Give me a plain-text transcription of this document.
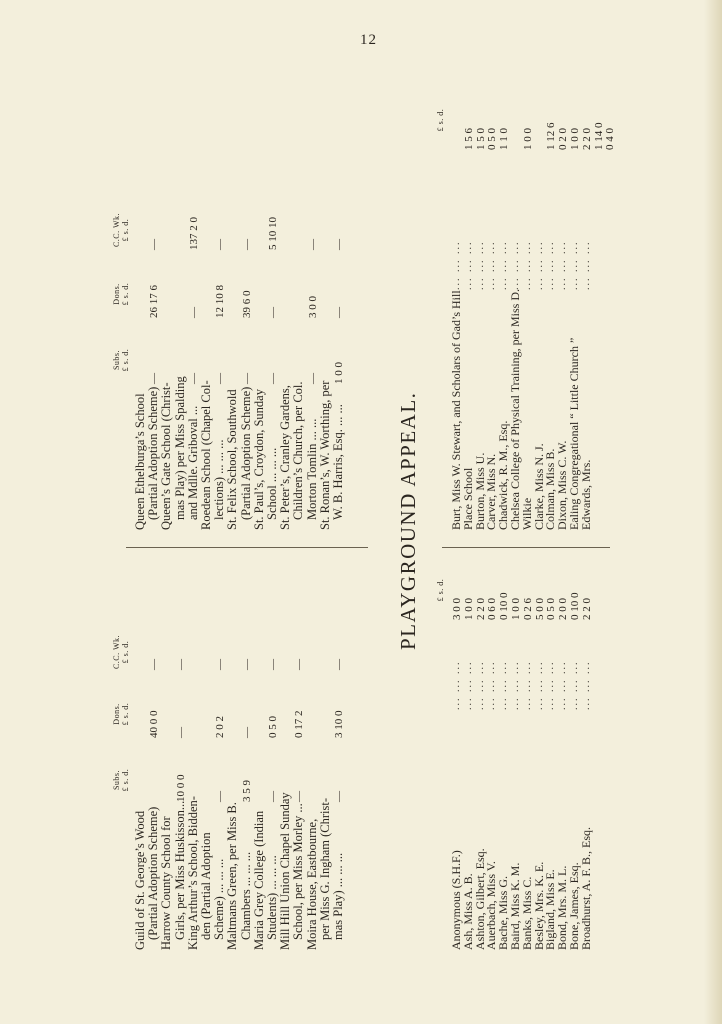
12
Subs. £ s. d.
Dons. £ s. d.
C.C. Wk. £ s. d.
Subs. £ s. d.
Dons. £ s. d.
C.C. Wk. £ s. d.
Guild of St. George’s Wood (Partial Adoption Scheme)
40 0 0
—
Harrow County School for Girls, per Miss Huskisson...
10 0 0
—
—
King Arthur’s School, Bidden- den (Partial Adoption Scheme) ... ... ...
—
2 0 2
—
Maltmans Green, per Miss B. Chambers ... ... ...
3 5 9
—
—
Maria Grey College (Indian Students) ... ... ...
—
0 5 0
—
Mill Hill Union Chapel Sunday School, per Miss Morley ...
—
0 17 2
—
Moira House, Eastbourne, per Miss G. Ingham (Christ- mas Play) ... ... ...
—
3 10 0
—
Queen Ethelburga’s School (Partial Adoption Scheme)
—
26 17 6
—
Queen’s Gate School (Christ- mas Play) per Miss Spalding and Mdlle. Griboval ...
—
—
137 2 0
Roedean School (Chapel Col- lections) ... ... ...
—
12 10 8
—
St. Felix School, Southwold (Partial Adoption Scheme)
—
39 6 0
—
St. Paul’s, Croydon, Sunday School ... ... ...
—
—
5 10 10
St. Peter’s, Cranley Gardens, Children’s Church, per Col. Morton Tomlin ... ...
—
3 0 0
—
St. Ronan’s, W. Worthing, per W. B. Harris, Esq. ... ...
1 0 0
—
—
PLAYGROUND APPEAL. £ s. d.
£ s. d.
Anonymous (S.H.F.)
... ... ...
3 0 0
Ash, Miss A. B.
... ... ...
1 0 0
Ashton, Gilbert, Esq.
... ... ...
2 2 0
Auerbach, Miss V.
... ... ...
0 6 0
Bache, Miss G.
... ... ...
0 10 0
Baird, Miss K. M.
... ... ...
1 0 0
Banks, Miss C.
... ... ...
0 2 6
Besley, Mrs. K. E.
... ... ...
5 0 0
Bigland, Miss E.
... ... ...
0 5 0
Bond, Mrs. M. L.
... ... ...
2 0 0
Bone, James, Esq.
... ... ...
0 10 0
Broadhurst, A. F. B., Esq.
... ... ...
2 2 0
Burt, Miss W. Stewart, and Scholars of Gad’s Hill
... ... ...
Place School
... ... ...
1 5 6
Burton, Miss U.
... ... ...
1 5 0
Carver, Miss N.
... ... ...
0 5 0
Chadwick, R. M., Esq.
... ... ...
1 1 0
Chelsea College of Physical Training, per Miss D.
... ... ...
Wilkie
... ... ...
1 0 0
Clarke, Miss N. J.
... ... ...
Colman, Miss B.
... ... ...
1 12 6
Dixon, Miss C. W.
... ... ...
0 2 0
Ealing Congregational “ Little Church ”
... ... ...
1 0 0
Edwards, Mrs.
... ... ...
2 2 0 1 14 0 0 4 0
